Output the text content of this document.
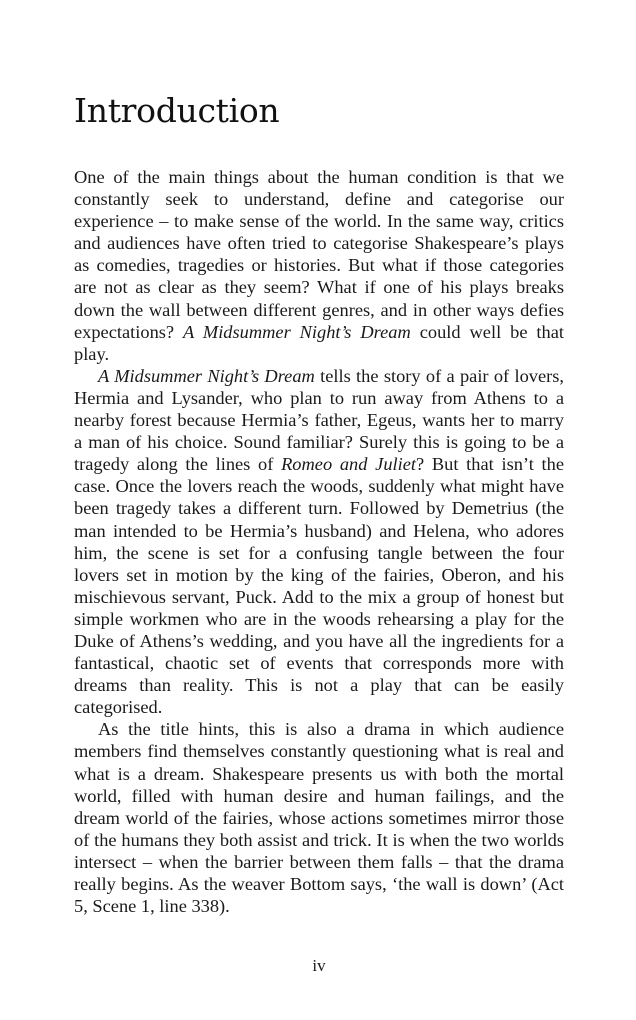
Introduction

One of the main things about the human condition is that we constantly seek to understand, define and categorise our experience – to make sense of the world. In the same way, critics and audiences have often tried to categorise Shakespeare’s plays as comedies, tragedies or histories. But what if those categories are not as clear as they seem? What if one of his plays breaks down the wall between different genres, and in other ways defies expectations? A Midsummer Night’s Dream could well be that play.

A Midsummer Night’s Dream tells the story of a pair of lovers, Hermia and Lysander, who plan to run away from Athens to a nearby forest because Hermia’s father, Egeus, wants her to marry a man of his choice. Sound familiar? Surely this is going to be a tragedy along the lines of Romeo and Juliet? But that isn’t the case. Once the lovers reach the woods, suddenly what might have been tragedy takes a different turn. Followed by Demetrius (the man intended to be Hermia’s husband) and Helena, who adores him, the scene is set for a confusing tangle between the four lovers set in motion by the king of the fairies, Oberon, and his mischievous servant, Puck. Add to the mix a group of honest but simple workmen who are in the woods rehearsing a play for the Duke of Athens’s wedding, and you have all the ingredients for a fantastical, chaotic set of events that corresponds more with dreams than reality. This is not a play that can be easily categorised.

As the title hints, this is also a drama in which audience members find themselves constantly questioning what is real and what is a dream. Shakespeare presents us with both the mortal world, filled with human desire and human failings, and the dream world of the fairies, whose actions sometimes mirror those of the humans they both assist and trick. It is when the two worlds intersect – when the barrier between them falls – that the drama really begins. As the weaver Bottom says, ‘the wall is down’ (Act 5, Scene 1, line 338).

iv
